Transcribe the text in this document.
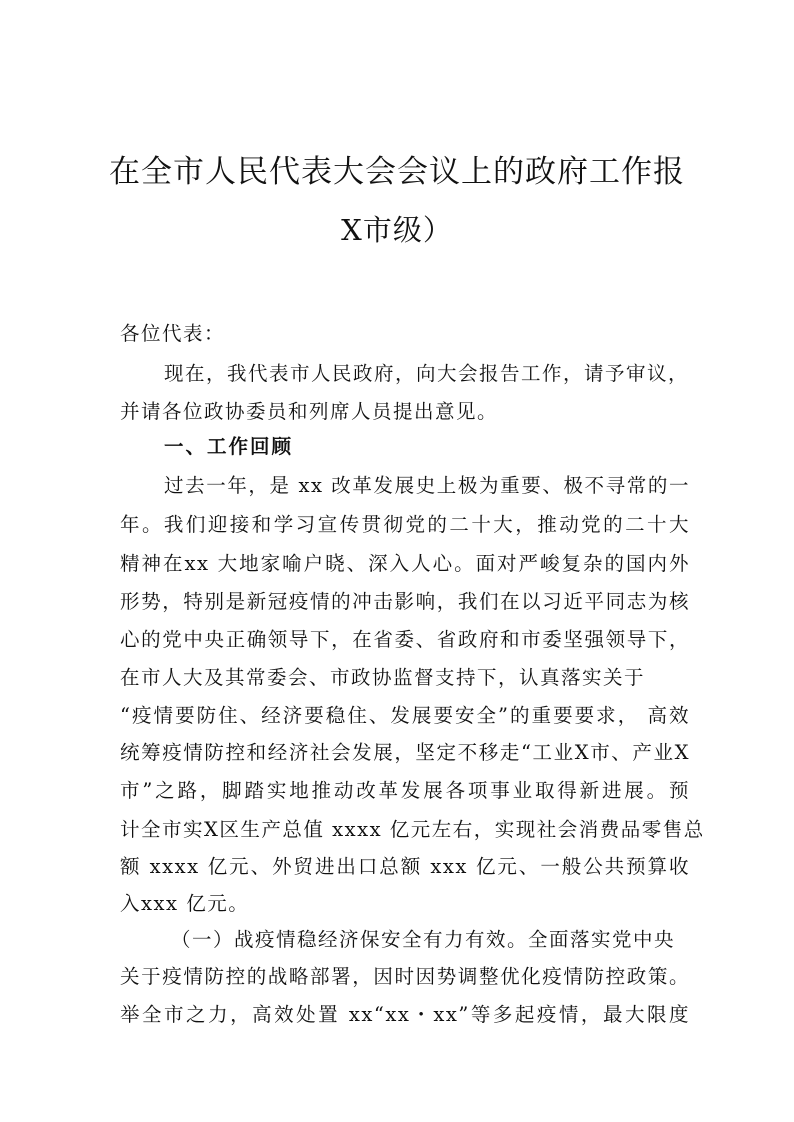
在全市人民代表大会会议上的政府工作报
X市级）
各位代表：
现在，我代表市人民政府，向大会报告工作，请予审议，
并请各位政协委员和列席人员提出意见。
一、工作回顾
过去一年，是 xx 改革发展史上极为重要、极不寻常的一
年。我们迎接和学习宣传贯彻党的二十大，推动党的二十大
精神在xx 大地家喻户晓、深入人心。面对严峻复杂的国内外
形势，特别是新冠疫情的冲击影响，我们在以习近平同志为核
心的党中央正确领导下，在省委、省政府和市委坚强领导下，
在市人大及其常委会、市政协监督支持下，认真落实关于
“疫情要防住、经济要稳住、发展要安全”的重要要求， 高效
统筹疫情防控和经济社会发展，坚定不移走“工业X市、产业X
市”之路，脚踏实地推动改革发展各项事业取得新进展。预
计全市实X区生产总值 xxxx 亿元左右，实现社会消费品零售总
额 xxxx 亿元、外贸进出口总额 xxx 亿元、一般公共预算收
入xxx 亿元。
（一）战疫情稳经济保安全有力有效。全面落实党中央
关于疫情防控的战略部署，因时因势调整优化疫情防控政策。
举全市之力，高效处置 xx“xx・xx”等多起疫情，最大限度
